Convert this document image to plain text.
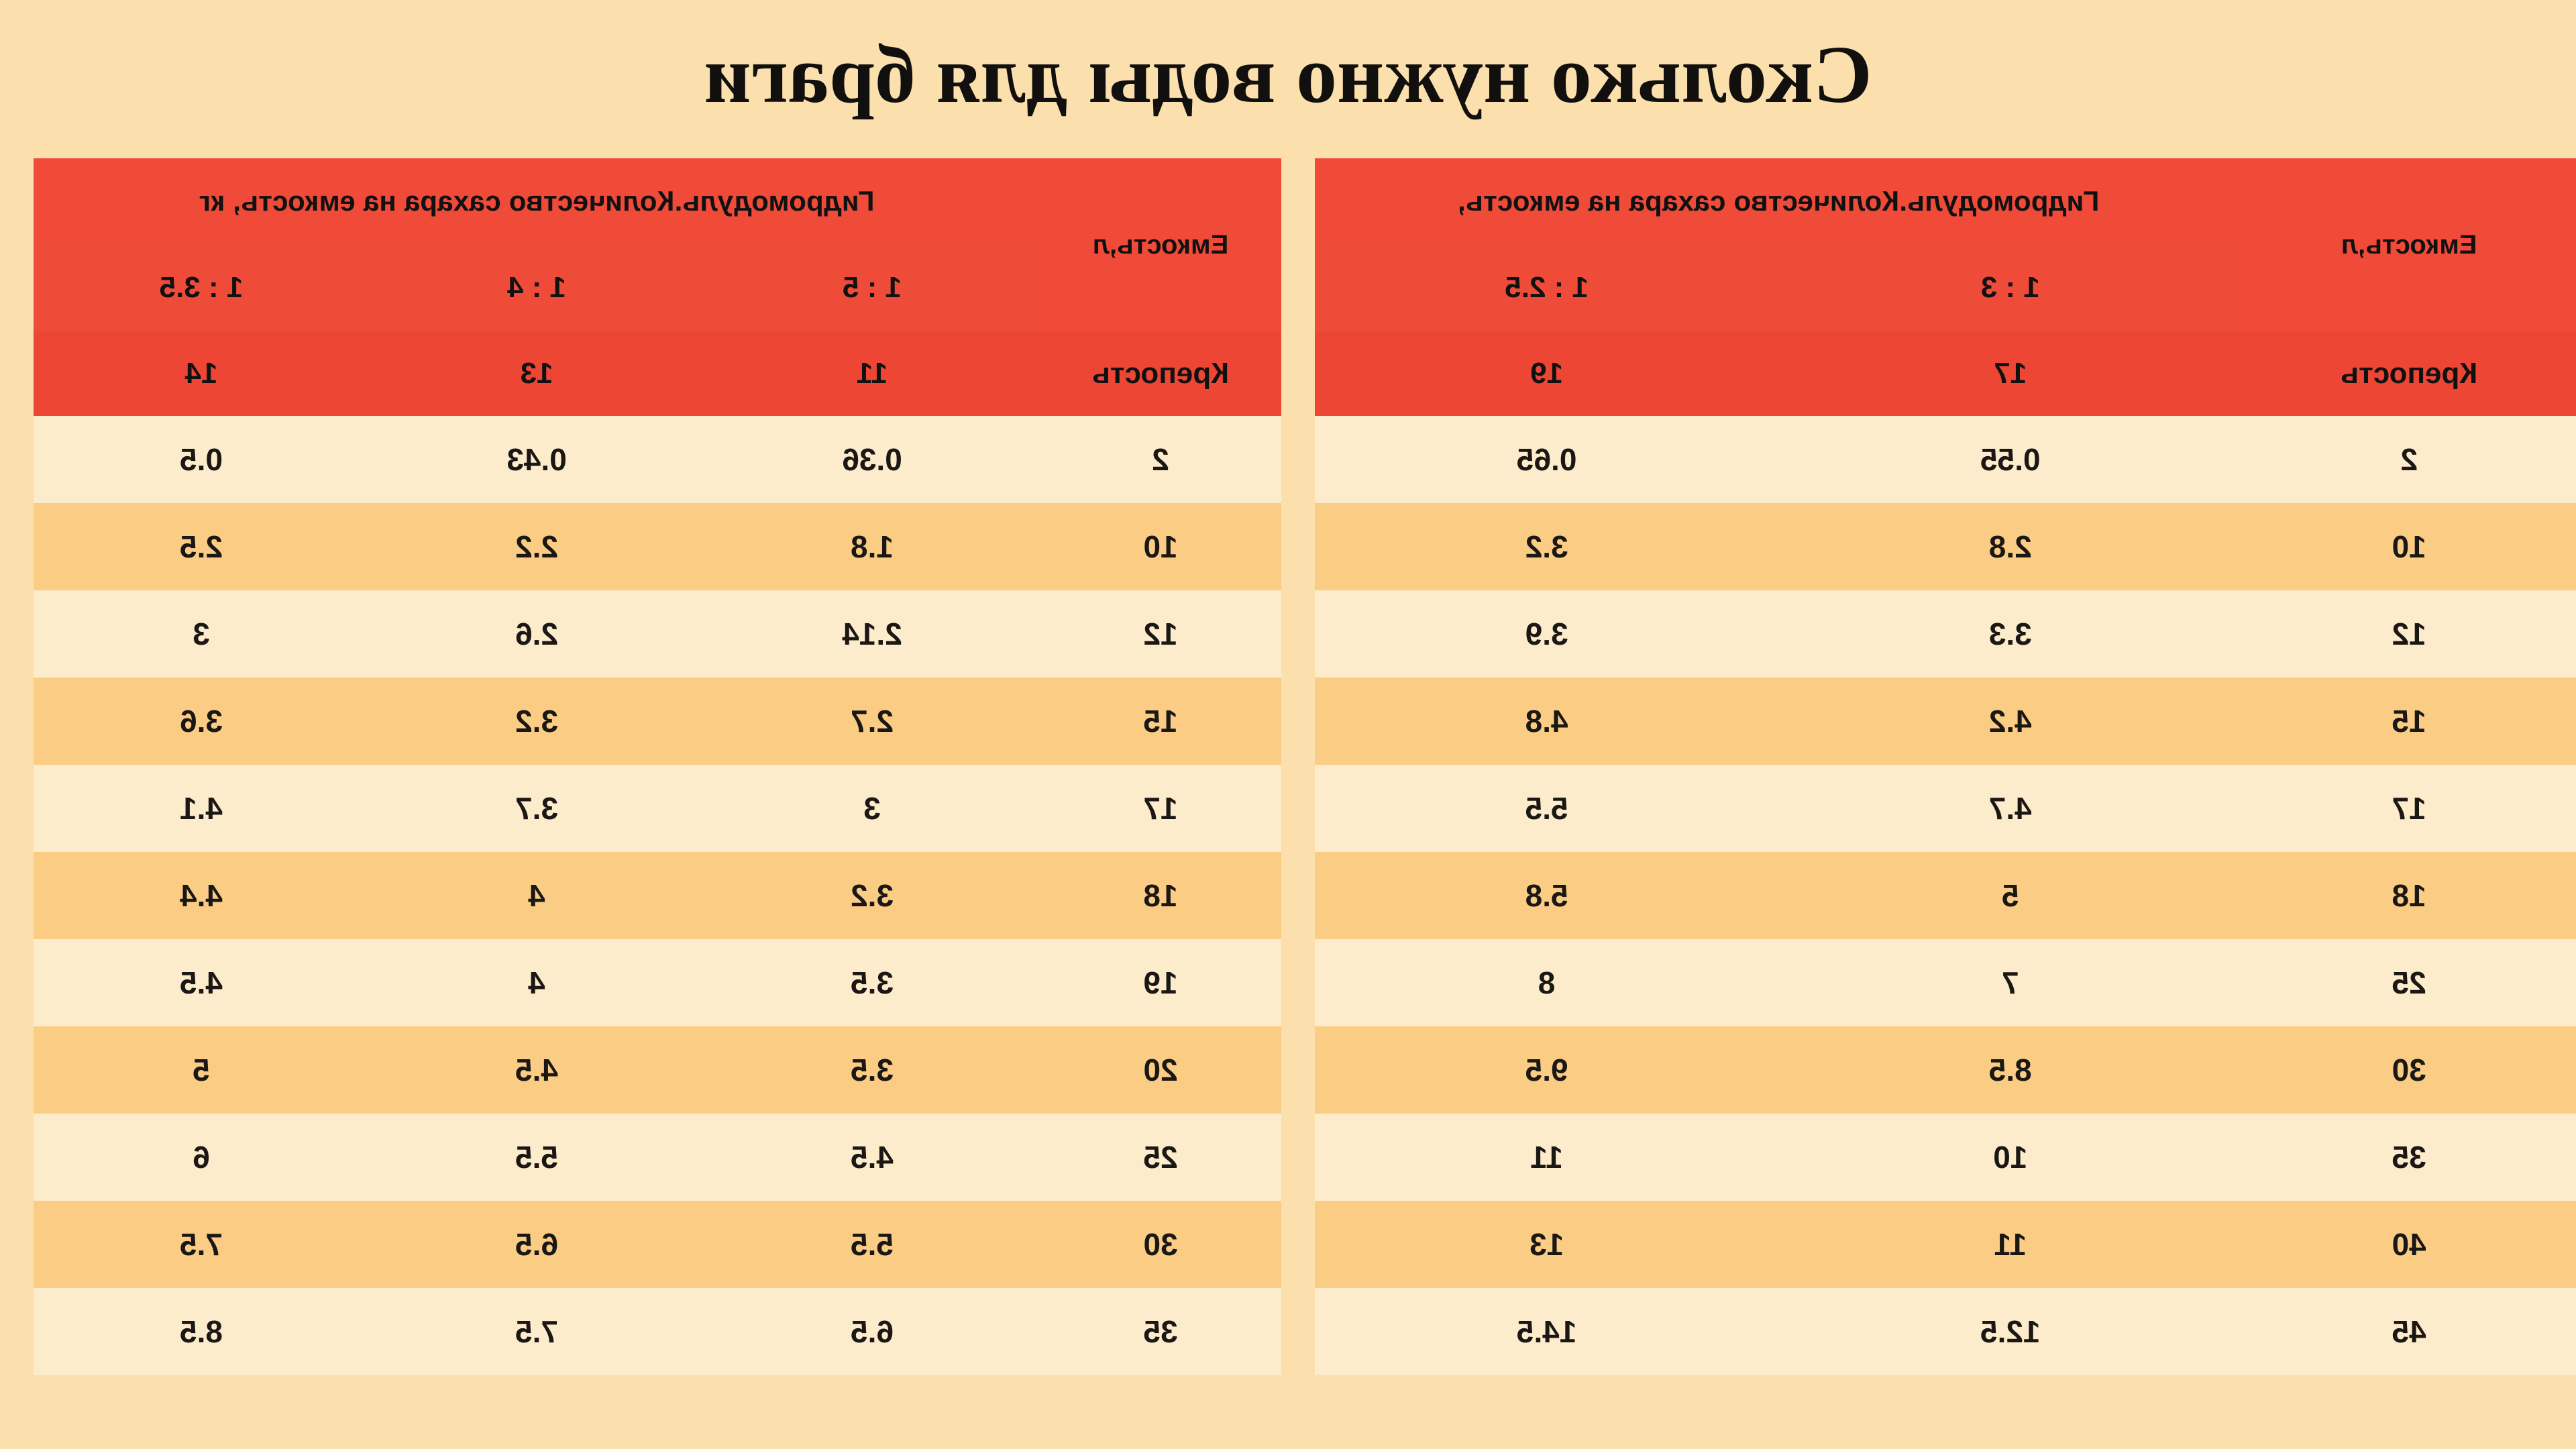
Сколько нужно воды для браги
Емкость,л	Гидромодуль.Количество сахара на емкость,	
	1 : 3	1 : 2.5
Крепость	17	19
2	0.55	0.65
10	2.8	3.2
12	3.3	3.9
15	4.2	4.8
17	4.7	5.5
18	5	5.8
25	7	8
30	8.5	9.5
35	10	11
40	11	13
45	12.5	14.5
Емкость,л	Гидромодуль.Количество сахара на емкость, кг		
	1 : 5	1 : 4	1 : 3.5
Крепость	11	13	14
2	0.36	0.43	0.5
10	1.8	2.2	2.5
12	2.14	2.6	3
15	2.7	3.2	3.6
17	3	3.7	4.1
18	3.2	4	4.4
19	3.5	4	4.5
20	3.5	4.5	5
25	4.5	5.5	6
30	5.5	6.5	7.5
35	6.5	7.5	8.5
